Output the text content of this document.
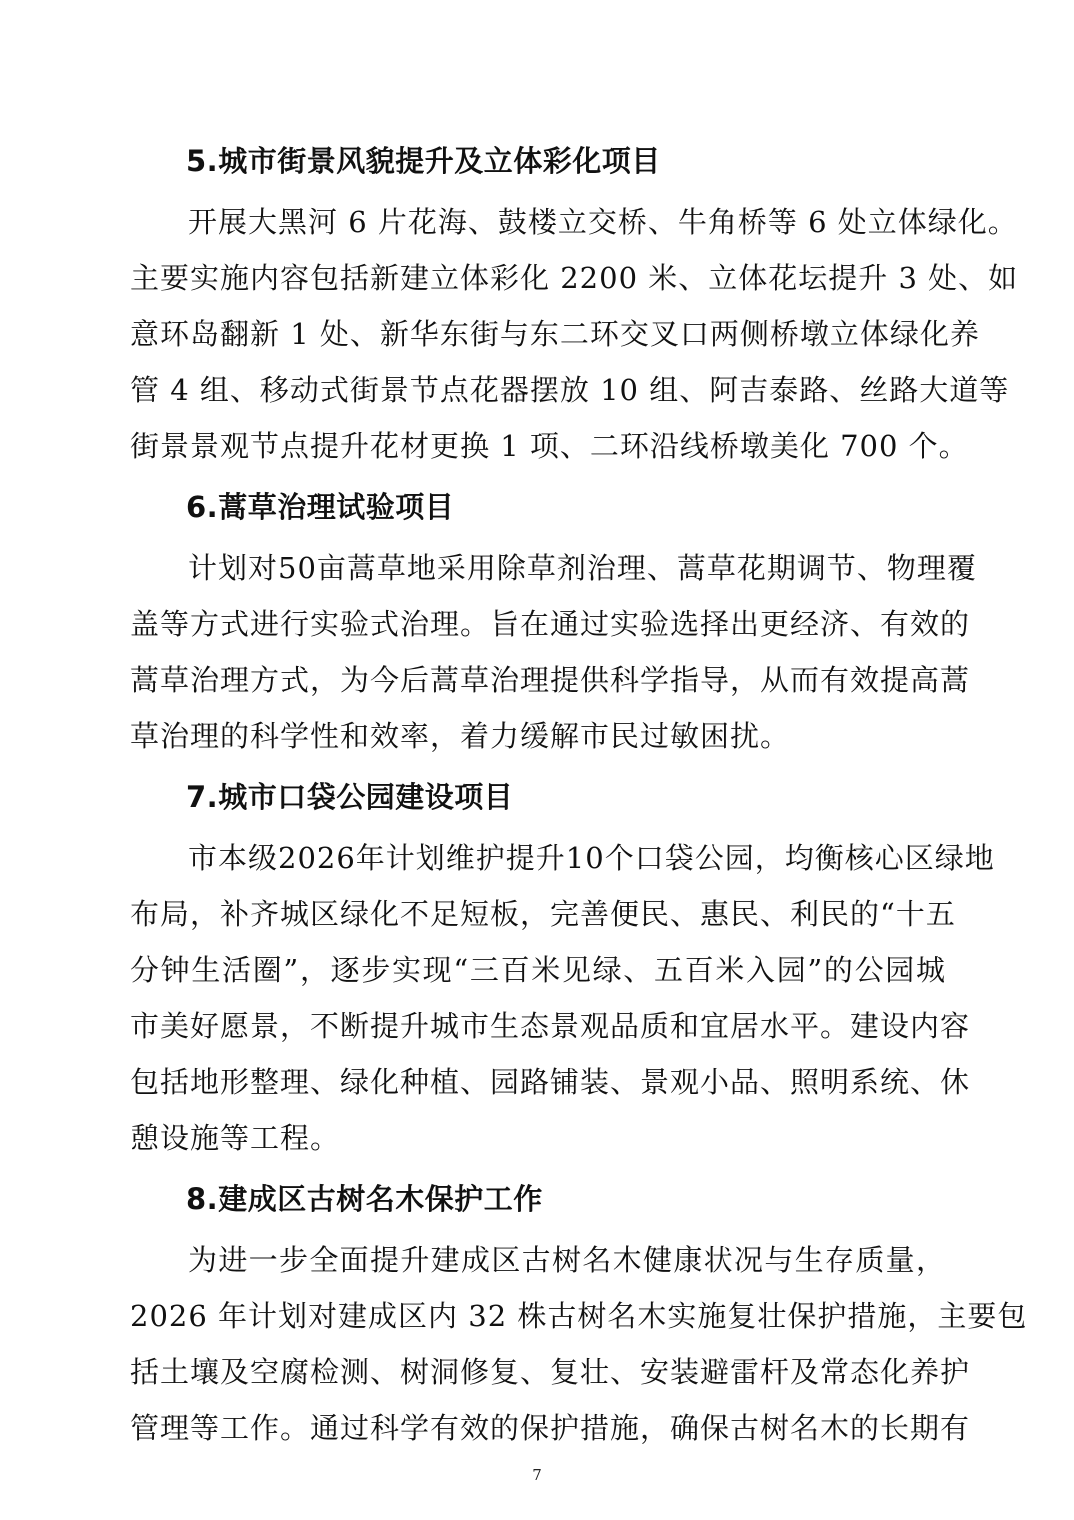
5.城市街景风貌提升及立体彩化项目
开展大黑河 6 片花海、鼓楼立交桥、牛角桥等 6 处立体绿化。
主要实施内容包括新建立体彩化 2200 米、立体花坛提升 3 处、如
意环岛翻新 1 处、新华东街与东二环交叉口两侧桥墩立体绿化养
管 4 组、移动式街景节点花器摆放 10 组、阿吉泰路、丝路大道等
街景景观节点提升花材更换 1 项、二环沿线桥墩美化 700 个。
6.蒿草治理试验项目
计划对50亩蒿草地采用除草剂治理、蒿草花期调节、物理覆
盖等方式进行实验式治理。旨在通过实验选择出更经济、有效的
蒿草治理方式，为今后蒿草治理提供科学指导，从而有效提高蒿
草治理的科学性和效率，着力缓解市民过敏困扰。
7.城市口袋公园建设项目
市本级2026年计划维护提升10个口袋公园，均衡核心区绿地
布局，补齐城区绿化不足短板，完善便民、惠民、利民的“十五
分钟生活圈”，逐步实现“三百米见绿、五百米入园”的公园城
市美好愿景，不断提升城市生态景观品质和宜居水平。建设内容
包括地形整理、绿化种植、园路铺装、景观小品、照明系统、休
憩设施等工程。
8.建成区古树名木保护工作
为进一步全面提升建成区古树名木健康状况与生存质量，
2026 年计划对建成区内 32 株古树名木实施复壮保护措施，主要包
括土壤及空腐检测、树洞修复、复壮、安装避雷杆及常态化养护
管理等工作。通过科学有效的保护措施，确保古树名木的长期有
7
